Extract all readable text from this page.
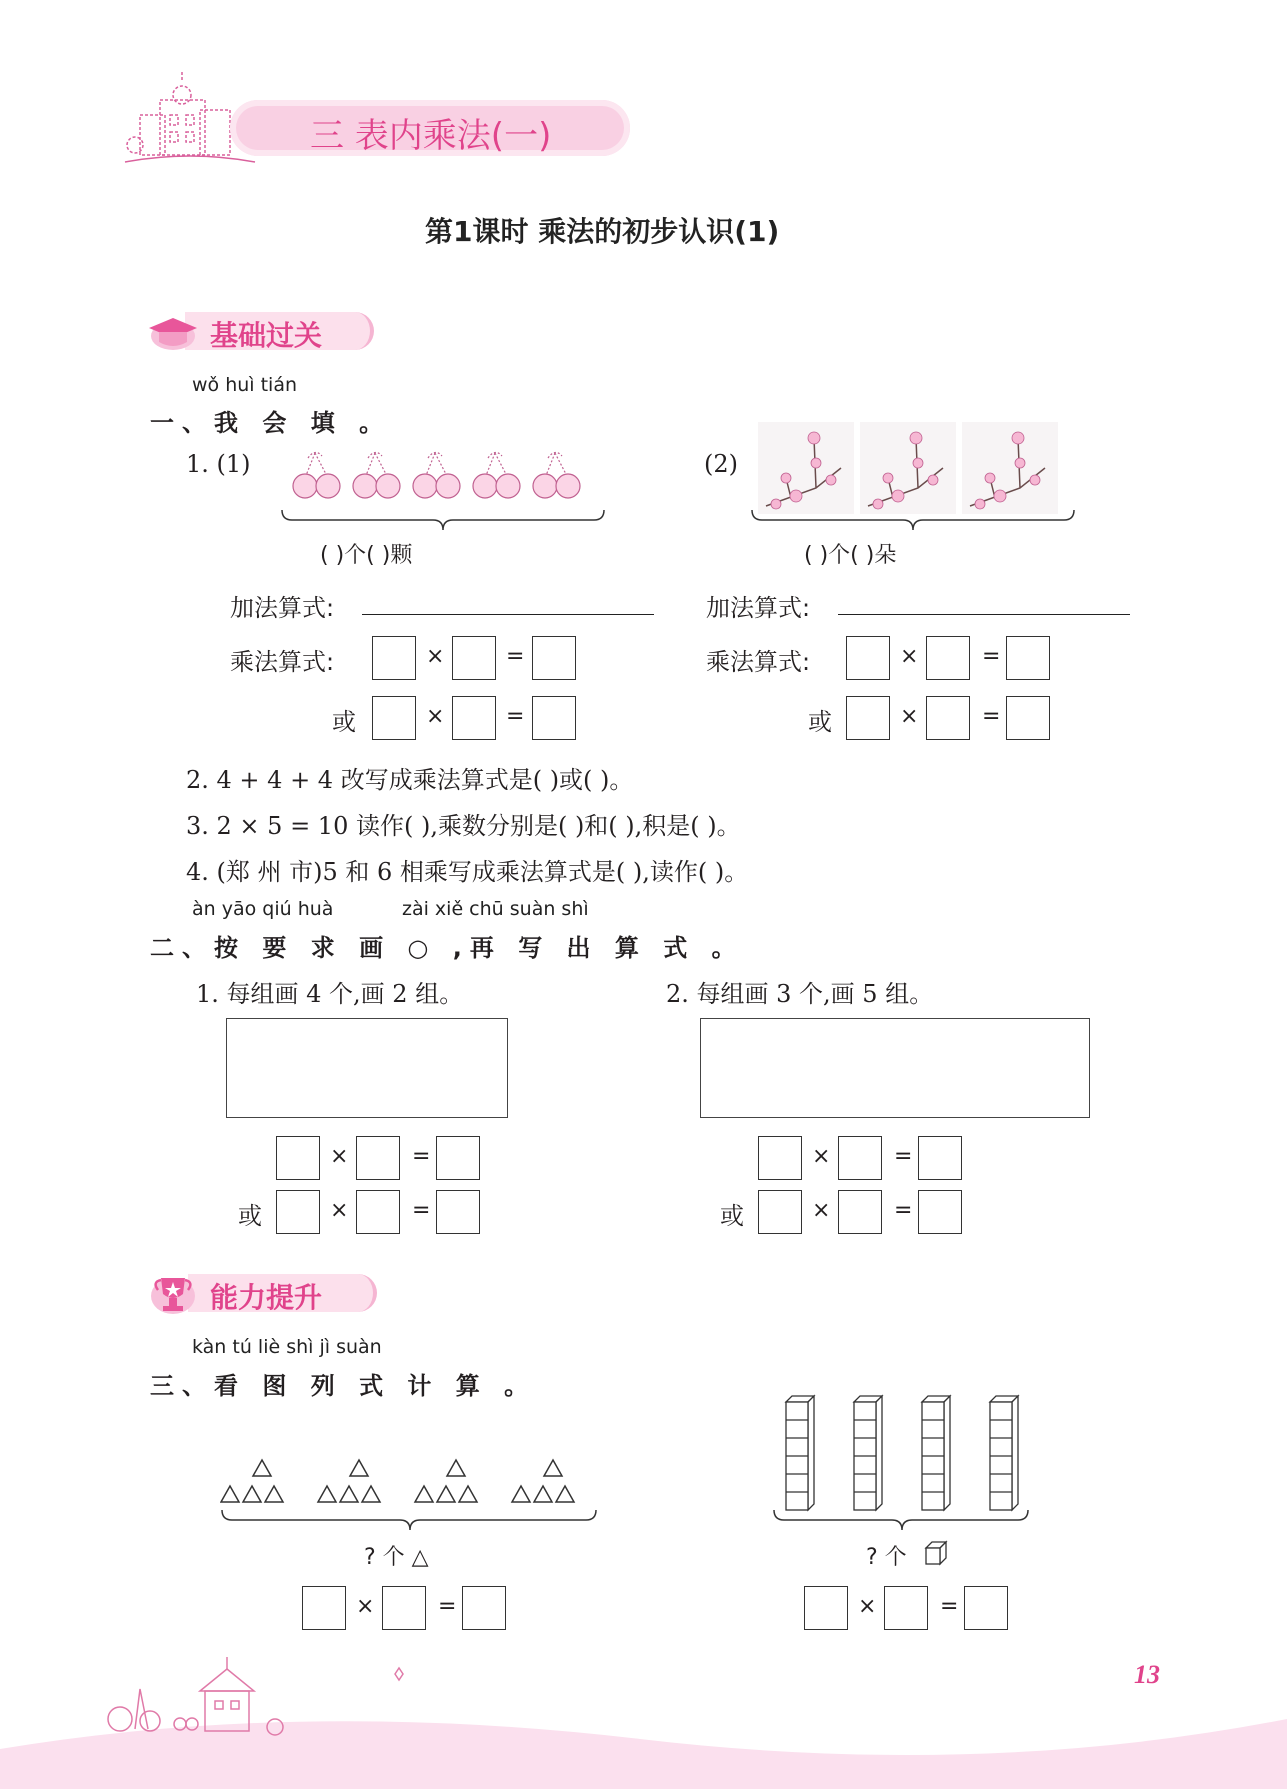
三 表内乘法(一)
第1课时 乘法的初步认识(1)
基础过关
wǒ huì tián
一、我 会 填 。
1. (1)
( )个( )颗
(2)
( )个( )朵
加法算式:	加法算式:
乘法算式:	×	=
或	×	=
乘法算式:	×	=
或	×	=
2. 4 + 4 + 4 改写成乘法算式是( )或( )。
3. 2 × 5 = 10 读作( ),乘数分别是( )和( ),积是( )。
4. (郑 州 市)5 和 6 相乘写成乘法算式是( ),读作( )。
àn yāo qiú huà	zài xiě chū suàn shì
二、按 要 求 画 ○ ,再 写 出 算 式 。
1. 每组画 4 个,画 2 组。	2. 每组画 3 个,画 5 组。
×	=
或	×	=
×	=
或	×	=
能力提升
kàn tú liè shì jì suàn
三、看 图 列 式 计 算 。
? 个 △	? 个
×	=	×	=
13
